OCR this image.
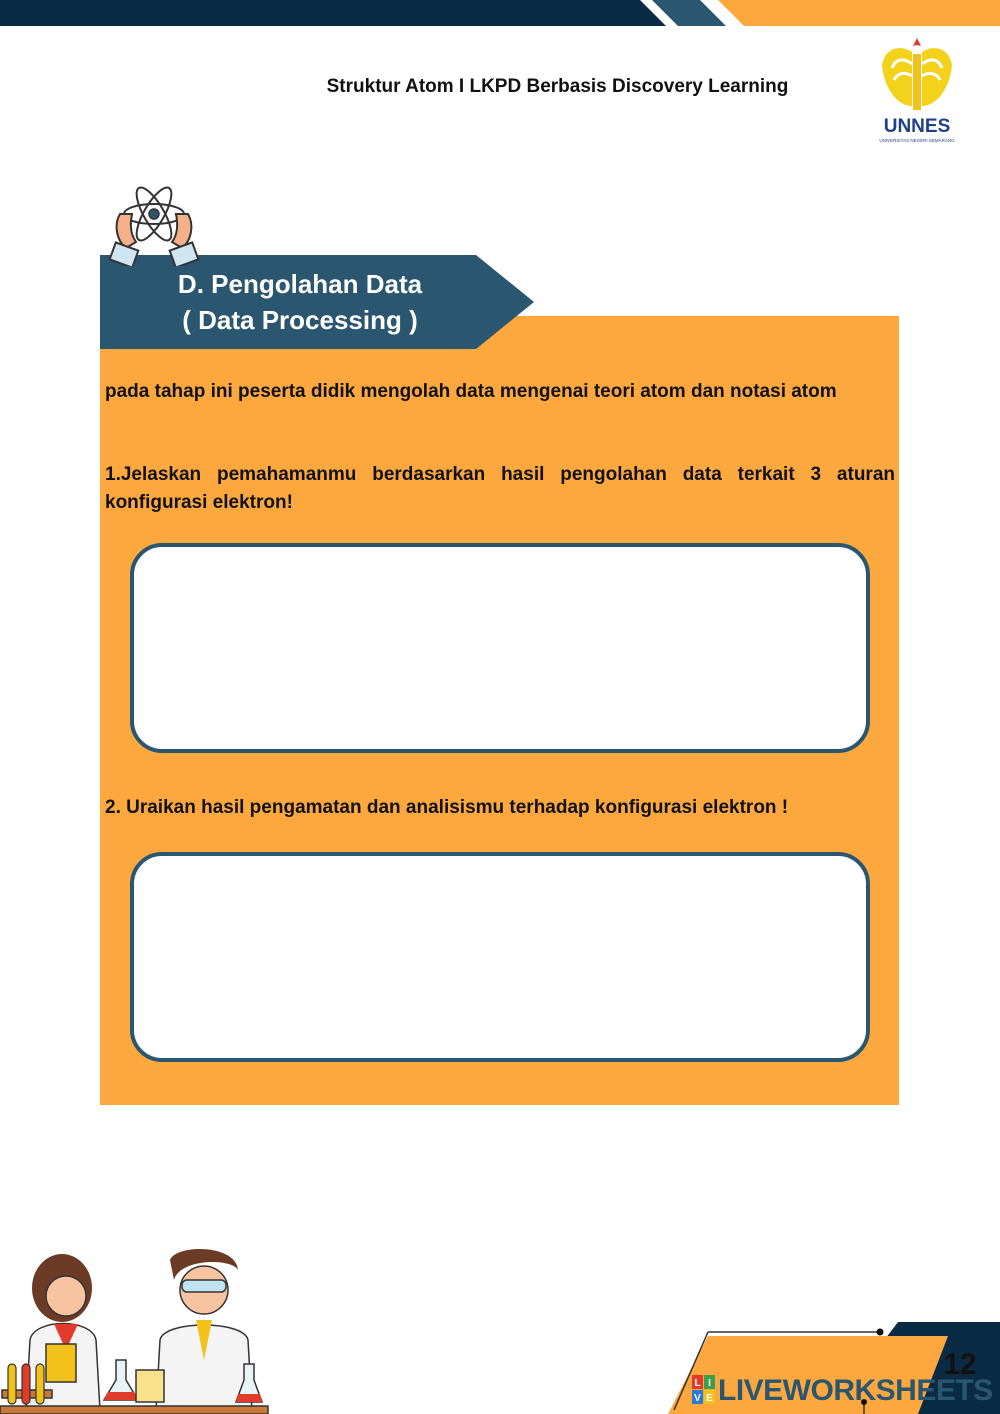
Struktur Atom I LKPD Berbasis Discovery Learning
UNNES
UNIVERSITAS NEGERI SEMARANG
D. Pengolahan Data
( Data Processing )
pada tahap ini peserta didik mengolah data mengenai teori atom dan notasi atom
1.Jelaskan pemahamanmu berdasarkan hasil pengolahan data terkait 3 aturan konfigurasi elektron!
2. Uraikan hasil pengamatan dan analisismu terhadap konfigurasi elektron !
12
L I
V E LIVEWORKSHEETS
